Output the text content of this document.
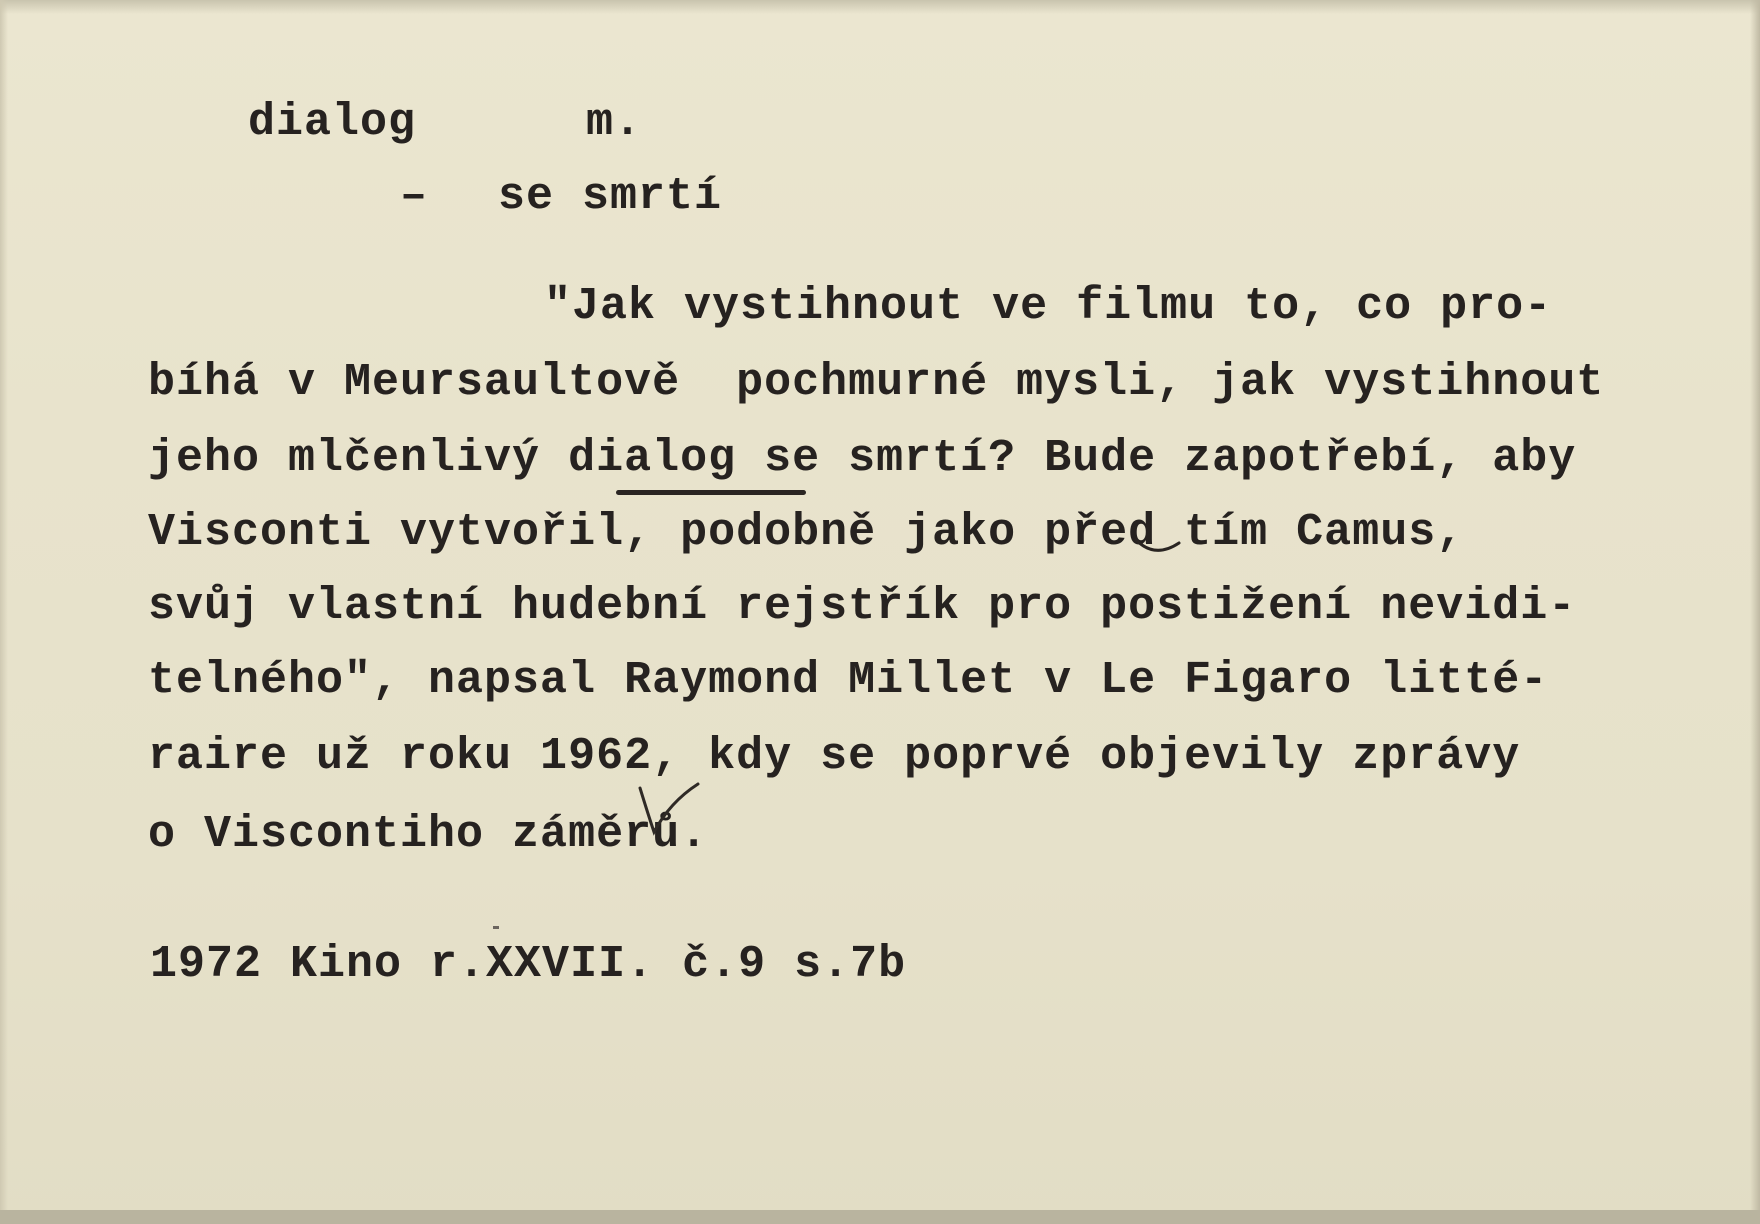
dialog	m.
– se smrtí
"Jak vystihnout ve filmu to, co pro-
bíhá v Meursaultově  pochmurné mysli, jak vystihnout
jeho mlčenlivý dialog se smrtí? Bude zapotřebí, aby
Visconti vytvořil, podobně jako před tím Camus,
svůj vlastní hudební rejstřík pro postižení nevidi-
telného", napsal Raymond Millet v Le Figaro litté-
raire už roku 1962, kdy se poprvé objevily zprávy
o Viscontiho záměrů.
1972 Kino r.XXVII. č.9 s.7b
